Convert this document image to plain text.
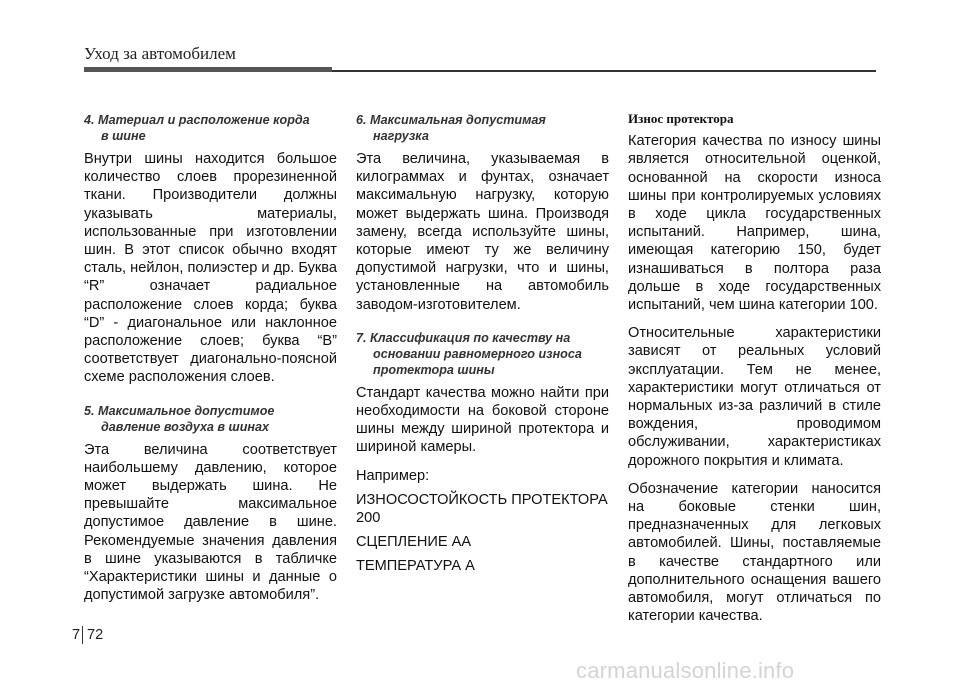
Уход за автомобилем
4. Материал и расположение корда
в шине

Внутри шины находится большое количество слоев прорезиненной ткани. Производители должны указывать материалы, использованные при изготовлении шин. В этот список обычно входят сталь, нейлон, полиэстер и др. Буква “R” означает радиальное расположение слоев корда; буква “D” - диагональное или наклонное расположение слоев; буква “B” соответствует диагонально-поясной схеме расположения слоев.

5. Максимальное допустимое
давление воздуха в шинах

Эта величина соответствует наибольшему давлению, которое может выдержать шина. Не превышайте максимальное допустимое давление в шине. Рекомендуемые значения давления в шине указываются в табличке “Характеристики шины и данные о допустимой загрузке автомобиля”.

6. Максимальная допустимая
нагрузка

Эта величина, указываемая в килограммах и фунтах, означает максимальную нагрузку, которую может выдержать шина. Производя замену, всегда используйте шины, которые имеют ту же величину допустимой нагрузки, что и шины, установленные на автомобиль заводом-изготовителем.

7. Классификация по качеству на
основании равномерного износа
протектора шины

Стандарт качества можно найти при необходимости на боковой стороне шины между шириной протектора и шириной камеры.

Например:

ИЗНОСОСТОЙКОСТЬ ПРОТЕКТОРА 200

СЦЕПЛЕНИЕ АА

ТЕМПЕРАТУРА А

Износ протектора

Категория качества по износу шины является относительной оценкой, основанной на скорости износа шины при контролируемых условиях в ходе цикла государственных испытаний. Например, шина, имеющая категорию 150, будет изнашиваться в полтора раза дольше в ходе государственных испытаний, чем шина категории 100.

Относительные характеристики зависят от реальных условий эксплуатации. Тем не менее, характеристики могут отличаться от нормальных из-за различий в стиле вождения, проводимом обслуживании, характеристиках дорожного покрытия и климата.

Обозначение категории наносится на боковые стенки шин, предназначенных для легковых автомобилей. Шины, поставляемые в качестве стандартного или дополнительного оснащения вашего автомобиля, могут отличаться по категории качества.

7 72
carmanualsonline.info
